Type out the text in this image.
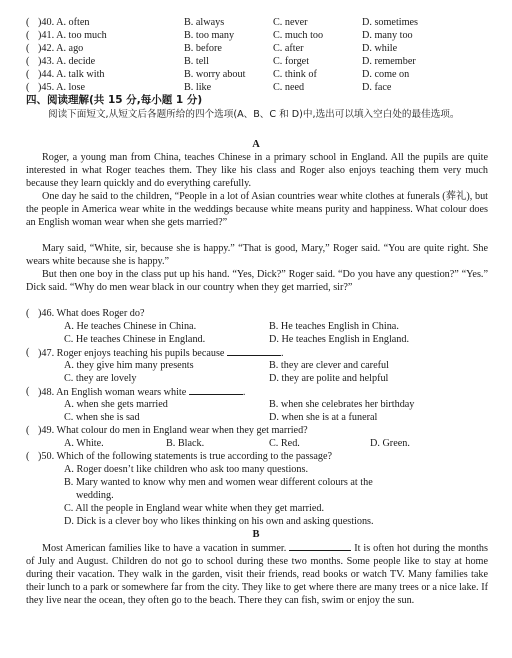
( )40. A. often	B. always	C. never	D. sometimes
( )41. A. too much	B. too many	C. much too	D. many too
( )42. A. ago	B. before	C. after	D. while
( )43. A. decide	B. tell	C. forget	D. remember
( )44. A. talk with	B. worry about	C. think of	D. come on
( )45. A. lose	B. like	C. need	D. face
四、阅读理解(共 15 分,每小题 1 分)
阅读下面短文,从短文后各题所给的四个选项(A、B、C 和 D)中,选出可以填入空白处的最佳选项。
A

Roger, a young man from China, teaches Chinese in a primary school in England. All the pupils are quite interested in what Roger teaches them. They like his class and Roger also enjoys teaching them very much because they learn quickly and do everything carefully.

One day he said to the children, “People in a lot of Asian countries wear white clothes at funerals (葬礼), but the people in America wear white in the weddings because white means purity and happiness. What colour does an English woman wear when she gets married?”

Mary said, “White, sir, because she is happy.” “That is good, Mary,” Roger said. “You are quite right. She wears white because she is happy.”

But then one boy in the class put up his hand. “Yes, Dick?” Roger said. “Do you have any question?” “Yes.” Dick said. “Why do men wear black in our country when they get married, sir?”

( )46. What does Roger do?
A. He teaches Chinese in China.	B. He teaches English in China.
C. He teaches Chinese in England.	D. He teaches English in England.
( )47. Roger enjoys teaching his pupils because	.
A. they give him many presents	B. they are clever and careful
C. they are lovely	D. they are polite and helpful
( )48. An English woman wears white	.
A. when she gets married	B. when she celebrates her birthday
C. when she is sad	D. when she is at a funeral
( )49. What colour do men in England wear when they get married?
A. White.	B. Black.	C. Red.	D. Green.
( )50. Which of the following statements is true according to the passage?
A. Roger doesn’t like children who ask too many questions.
B. Mary wanted to know why men and women wear different colours at the
wedding.
C. All the people in England wear white when they get married.
D. Dick is a clever boy who likes thinking on his own and asking questions.
B

Most American families like to have a vacation in summer.	It is often hot during the months of July and August. Children do not go to school during these two months. Some people like to stay at home during their vacation. They walk in the garden, visit their friends, read books or watch TV. Many families take their lunch to a park or somewhere far from the city. They like to get where there are many trees or a nice lake. If they live near the ocean, they often go to the beach. There they can fish, swim or enjoy the sun.
